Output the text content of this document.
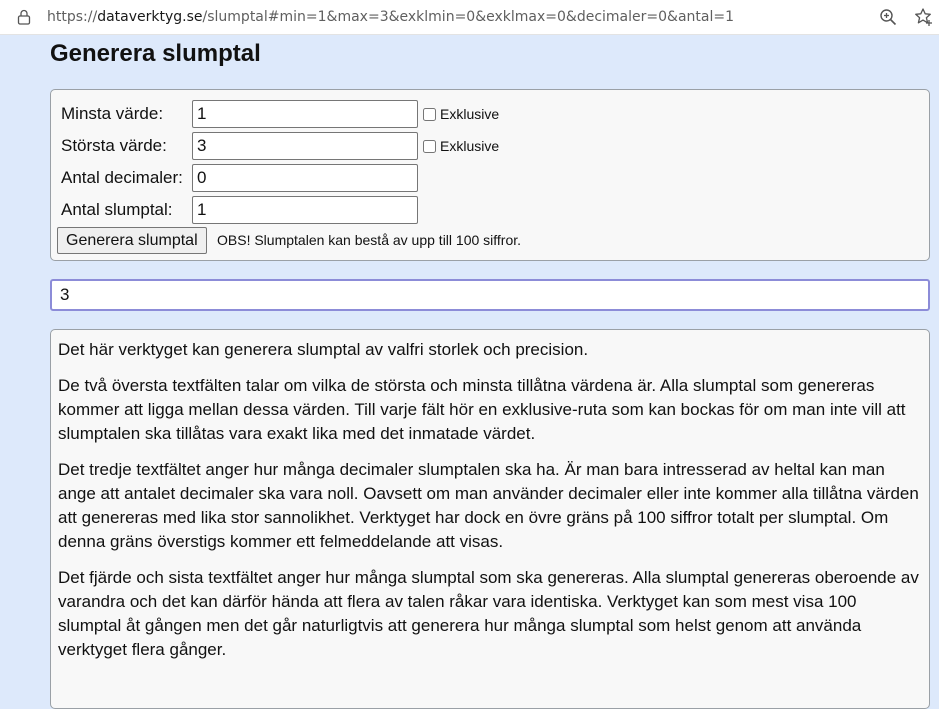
https://dataverktyg.se/slumptal#min=1&max=3&exklmin=0&exklmax=0&decimaler=0&antal=1
Generera slumptal
Minsta värde:
1	Exklusive
Största värde:
3	Exklusive
Antal decimaler:
0
Antal slumptal:
1
Generera slumptal	OBS! Slumptalen kan bestå av upp till 100 siffror.
3

Det här verktyget kan generera slumptal av valfri storlek och precision.

De två översta textfälten talar om vilka de största och minsta tillåtna värdena är. Alla slumptal som genereras kommer att ligga mellan dessa värden. Till varje fält hör en exklusive-ruta som kan bockas för om man inte vill att slumptalen ska tillåtas vara exakt lika med det inmatade värdet.

Det tredje textfältet anger hur många decimaler slumptalen ska ha. Är man bara intresserad av heltal kan man ange att antalet decimaler ska vara noll. Oavsett om man använder decimaler eller inte kommer alla tillåtna värden att genereras med lika stor sannolikhet. Verktyget har dock en övre gräns på 100 siffror totalt per slumptal. Om denna gräns överstigs kommer ett felmeddelande att visas.

Det fjärde och sista textfältet anger hur många slumptal som ska genereras. Alla slumptal genereras oberoende av varandra och det kan därför hända att flera av talen råkar vara identiska. Verktyget kan som mest visa 100 slumptal åt gången men det går naturligtvis att generera hur många slumptal som helst genom att använda verktyget flera gånger.
